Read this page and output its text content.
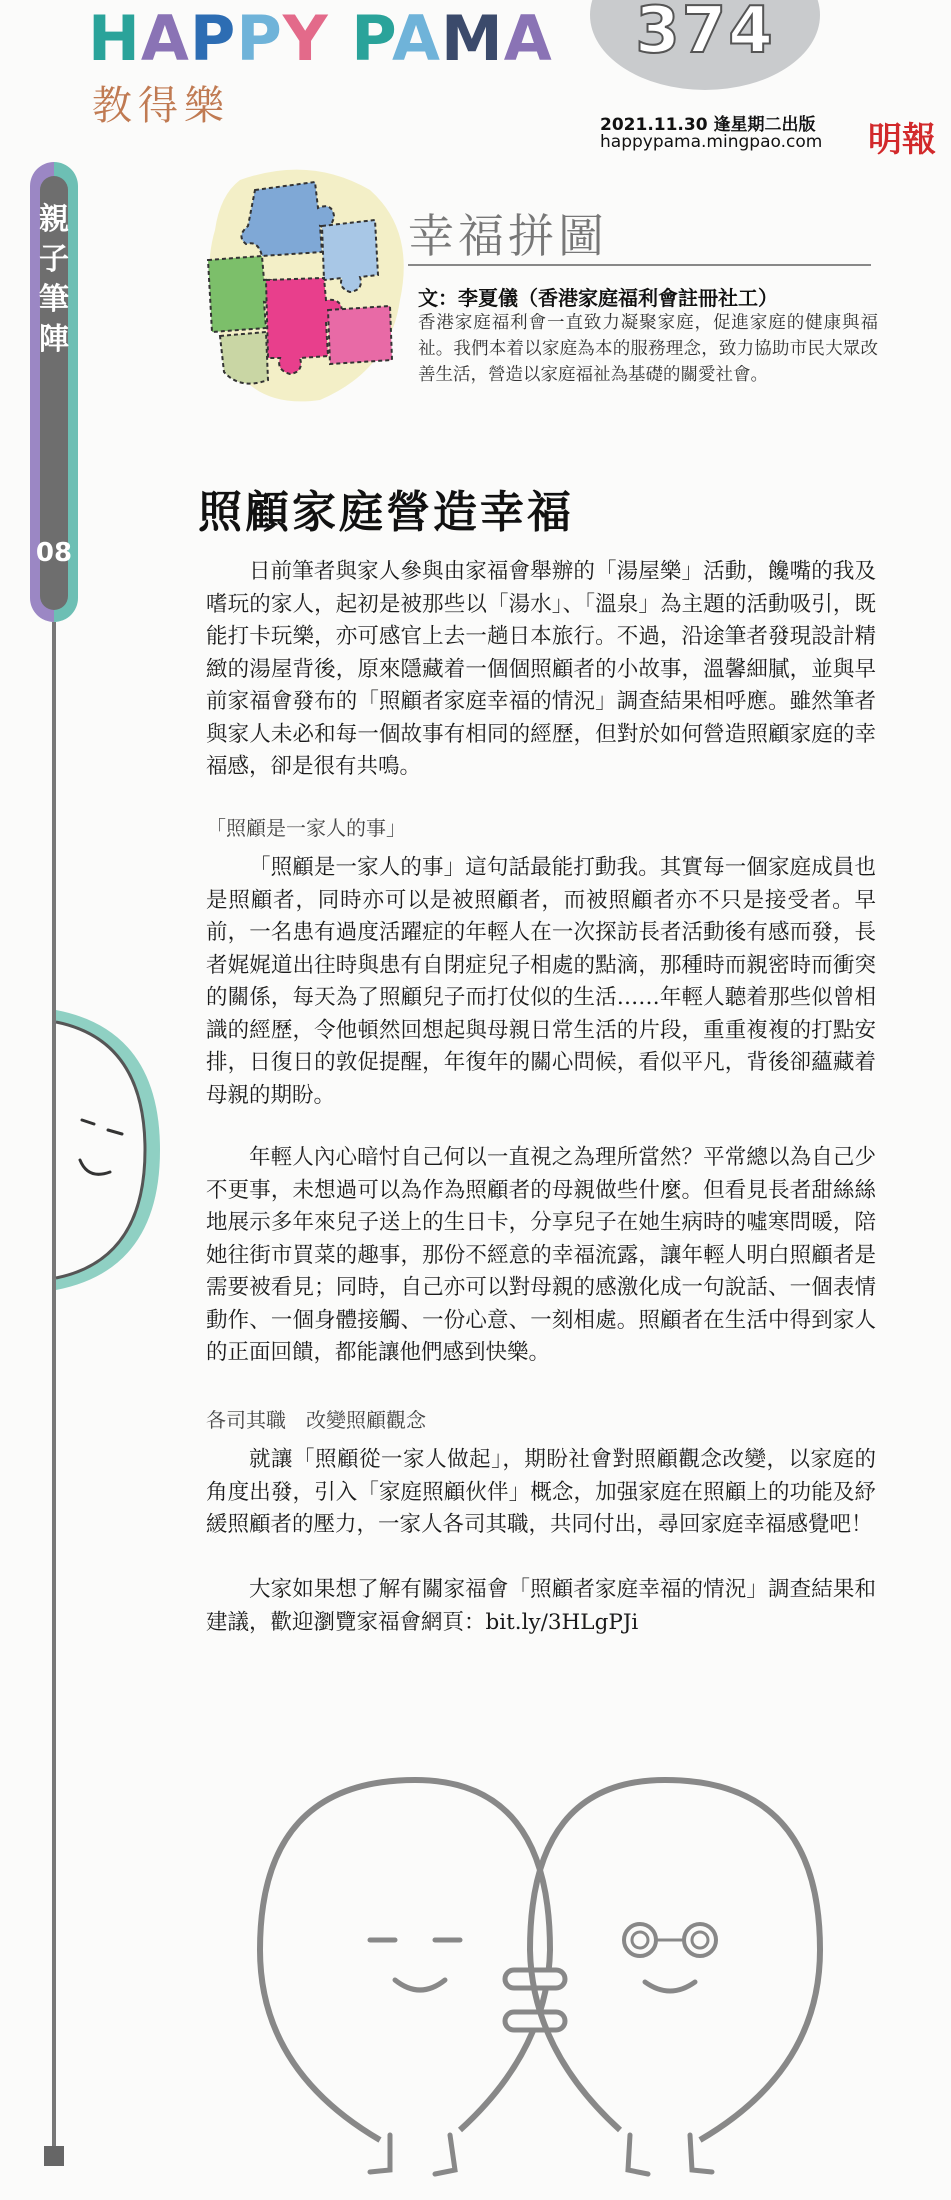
374
HAPPY PAMA
教得樂	2021.11.30 逢星期二出版
happypama.mingpao.com 明報
親子筆陣
08
幸福拼圖
文：李夏儀（香港家庭福利會註冊社工）
香港家庭福利會一直致力凝聚家庭，促進家庭的健康與福祉。我們本着以家庭為本的服務理念，致力協助市民大眾改善生活，營造以家庭福祉為基礎的關愛社會。
照顧家庭營造幸福

日前筆者與家人參與由家福會舉辦的「湯屋樂」活動，饞嘴的我及嗜玩的家人，起初是被那些以「湯水」、「溫泉」為主題的活動吸引，既能打卡玩樂，亦可感官上去一趟日本旅行。不過，沿途筆者發現設計精緻的湯屋背後，原來隱藏着一個個照顧者的小故事，溫馨細膩，並與早前家福會發布的「照顧者家庭幸福的情況」調查結果相呼應。雖然筆者與家人未必和每一個故事有相同的經歷，但對於如何營造照顧家庭的幸福感，卻是很有共鳴。

「照顧是一家人的事」

「照顧是一家人的事」這句話最能打動我。其實每一個家庭成員也是照顧者，同時亦可以是被照顧者，而被照顧者亦不只是接受者。早前，一名患有過度活躍症的年輕人在一次探訪長者活動後有感而發，長者娓娓道出往時與患有自閉症兒子相處的點滴，那種時而親密時而衝突的關係，每天為了照顧兒子而打仗似的生活……年輕人聽着那些似曾相識的經歷，令他頓然回想起與母親日常生活的片段，重重複複的打點安排，日復日的敦促提醒，年復年的關心問候，看似平凡，背後卻蘊藏着母親的期盼。

年輕人內心暗忖自己何以一直視之為理所當然？平常總以為自己少不更事，未想過可以為作為照顧者的母親做些什麼。但看見長者甜絲絲地展示多年來兒子送上的生日卡，分享兒子在她生病時的噓寒問暖，陪她往街市買菜的趣事，那份不經意的幸福流露，讓年輕人明白照顧者是需要被看見；同時，自己亦可以對母親的感激化成一句說話、一個表情動作、一個身體接觸、一份心意、一刻相處。照顧者在生活中得到家人的正面回饋，都能讓他們感到快樂。

各司其職　改變照顧觀念

就讓「照顧從一家人做起」，期盼社會對照顧觀念改變，以家庭的角度出發，引入「家庭照顧伙伴」概念，加强家庭在照顧上的功能及紓緩照顧者的壓力，一家人各司其職，共同付出，尋回家庭幸福感覺吧！

大家如果想了解有關家福會「照顧者家庭幸福的情況」調查結果和建議，歡迎瀏覽家福會網頁：bit.ly/3HLgPJi
